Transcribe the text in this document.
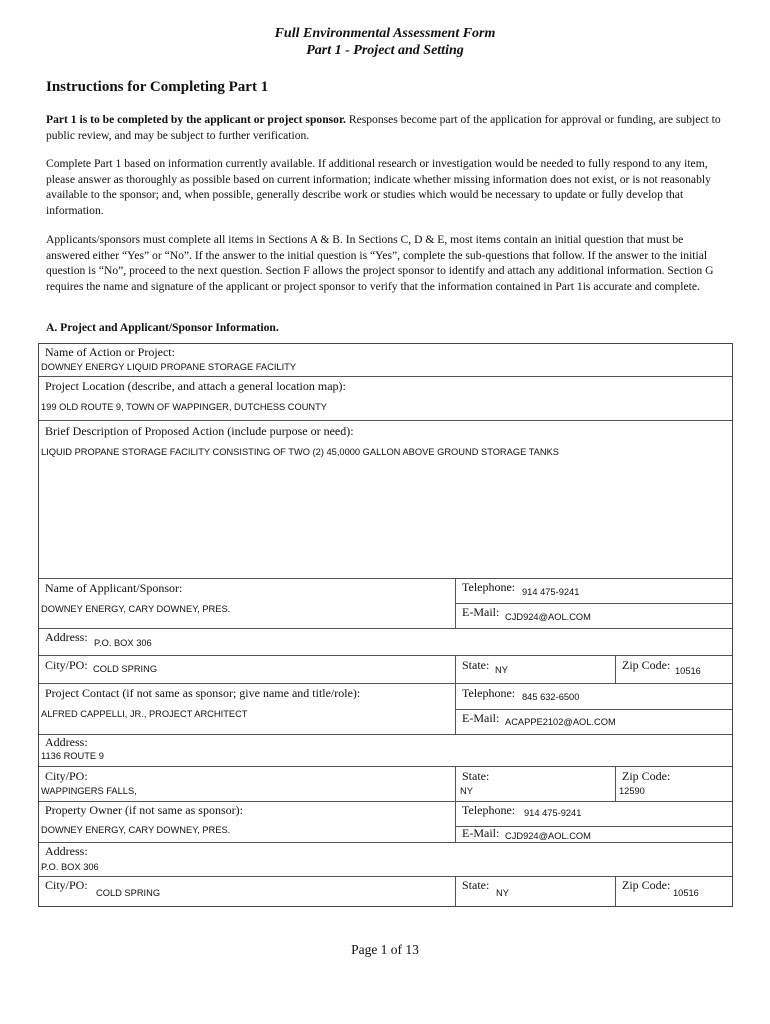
Full Environmental Assessment Form
Part 1 - Project and Setting
Instructions for Completing Part 1
Part 1 is to be completed by the applicant or project sponsor. Responses become part of the application for approval or funding, are subject to public review, and may be subject to further verification.
Complete Part 1 based on information currently available. If additional research or investigation would be needed to fully respond to any item, please answer as thoroughly as possible based on current information; indicate whether missing information does not exist, or is not reasonably available to the sponsor; and, when possible, generally describe work or studies which would be necessary to update or fully develop that information.
Applicants/sponsors must complete all items in Sections A & B. In Sections C, D & E, most items contain an initial question that must be answered either “Yes” or “No”. If the answer to the initial question is “Yes”, complete the sub-questions that follow. If the answer to the initial question is “No”, proceed to the next question. Section F allows the project sponsor to identify and attach any additional information. Section G requires the name and signature of the applicant or project sponsor to verify that the information contained in Part 1is accurate and complete.
A. Project and Applicant/Sponsor Information.
Name of Action or Project:
DOWNEY ENERGY LIQUID PROPANE STORAGE FACILITY
Project Location (describe, and attach a general location map):
199 OLD ROUTE 9, TOWN OF WAPPINGER, DUTCHESS COUNTY
Brief Description of Proposed Action (include purpose or need):
LIQUID PROPANE STORAGE FACILITY CONSISTING OF TWO (2) 45,0000 GALLON ABOVE GROUND STORAGE TANKS
Name of Applicant/Sponsor:
DOWNEY ENERGY, CARY DOWNEY, PRES.
Telephone: 914 475-9241
E-Mail: CJD924@AOL.COM
Address: P.O. BOX 306
City/PO: COLD SPRING	State: NY	Zip Code: 10516
Project Contact (if not same as sponsor; give name and title/role):
ALFRED CAPPELLI, JR., PROJECT ARCHITECT
Telephone: 845 632-6500
E-Mail: ACAPPE2102@AOL.COM
Address:
1136 ROUTE 9
City/PO:
WAPPINGERS FALLS,
State:
NY
Zip Code:
12590
Property Owner (if not same as sponsor):
DOWNEY ENERGY, CARY DOWNEY, PRES.
Telephone: 914 475-9241
E-Mail: CJD924@AOL.COM
Address:
P.O. BOX 306
City/PO:
COLD SPRING
State:
NY
Zip Code:
10516
Page 1 of 13
